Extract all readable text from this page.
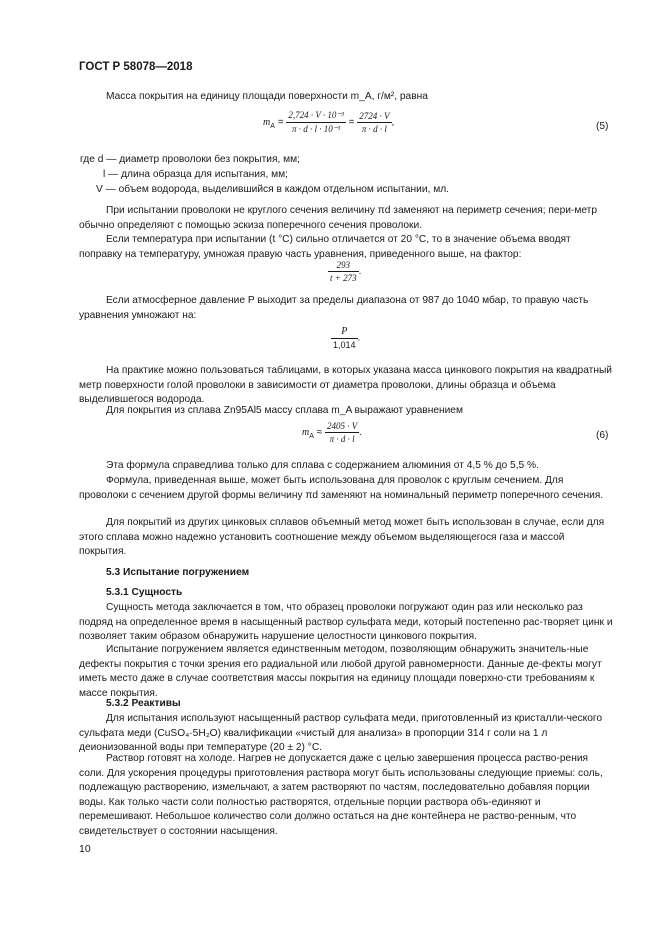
ГОСТ Р 58078—2018

Масса покрытия на единицу площади поверхности m_A, г/м², равна

$m_A = \frac{\text{2,724 · V · 10⁻³}}{\text{π · d · l · 10⁻³}} = \frac{2724 \cdot V}{\pi \cdot d \cdot l}$ ,	(5)
где d — диаметр проволоки без покрытия, мм;
l — длина образца для испытания, мм;
V — объем водорода, выделившийся в каждом отдельном испытании, мл.

При испытании проволоки не круглого сечения величину πd заменяют на периметр сечения; пери-метр обычно определяют с помощью эскиза поперечного сечения проволоки.

Если температура при испытании (t °С) сильно отличается от 20 °С, то в значение объема вводят поправку на температуру, умножая правую часть уравнения, приведенного выше, на фактор:

$\frac{293}{t + 273}$ .

Если атмосферное давление P выходит за пределы диапазона от 987 до 1040 мбар, то правую часть уравнения умножают на:

$\frac{P}{1,014}$ .

На практике можно пользоваться таблицами, в которых указана масса цинкового покрытия на квадратный метр поверхности голой проволоки в зависимости от диаметра проволоки, длины образца и объема выделившегося водорода.

Для покрытия из сплава Zn95Al5 массу сплава m_A выражают уравнением

$m_A \approx \frac{2405 \cdot V}{\pi \cdot d \cdot l}$ .	(6)

Эта формула справедлива только для сплава с содержанием алюминия от 4,5 % до 5,5 %.

Формула, приведенная выше, может быть использована для проволок с круглым сечением. Для проволоки с сечением другой формы величину πd заменяют на номинальный периметр поперечного сечения.

Для покрытий из других цинковых сплавов объемный метод может быть использован в случае, если для этого сплава можно надежно установить соотношение между объемом выделяющегося газа и массой покрытия.

5.3 Испытание погружением
5.3.1 Сущность

Сущность метода заключается в том, что образец проволоки погружают один раз или несколько раз подряд на определенное время в насыщенный раствор сульфата меди, который постепенно рас-творяет цинк и позволяет таким образом обнаружить нарушение целостности цинкового покрытия.

Испытание погружением является единственным методом, позволяющим обнаружить значитель-ные дефекты покрытия с точки зрения его радиальной или любой другой равномерности. Данные де-фекты могут иметь место даже в случае соответствия массы покрытия на единицу площади поверхно-сти требованиям к массе покрытия.

5.3.2 Реактивы

Для испытания используют насыщенный раствор сульфата меди, приготовленный из кристалли-ческого сульфата меди (CuSO₄·5H₂O) квалификации «чистый для анализа» в пропорции 314 г соли на 1 л деионизованной воды при температуре (20 ± 2) °С.

Раствор готовят на холоде. Нагрев не допускается даже с целью завершения процесса раство-рения соли. Для ускорения процедуры приготовления раствора могут быть использованы следующие приемы: соль, подлежащую растворению, измельчают, а затем растворяют по частям, последовательно добавляя порции воды. Как только части соли полностью растворятся, отдельные порции раствора объ-единяют и перемешивают. Небольшое количество соли должно остаться на дне контейнера не раство-ренным, что свидетельствует о состоянии насыщения.

10
